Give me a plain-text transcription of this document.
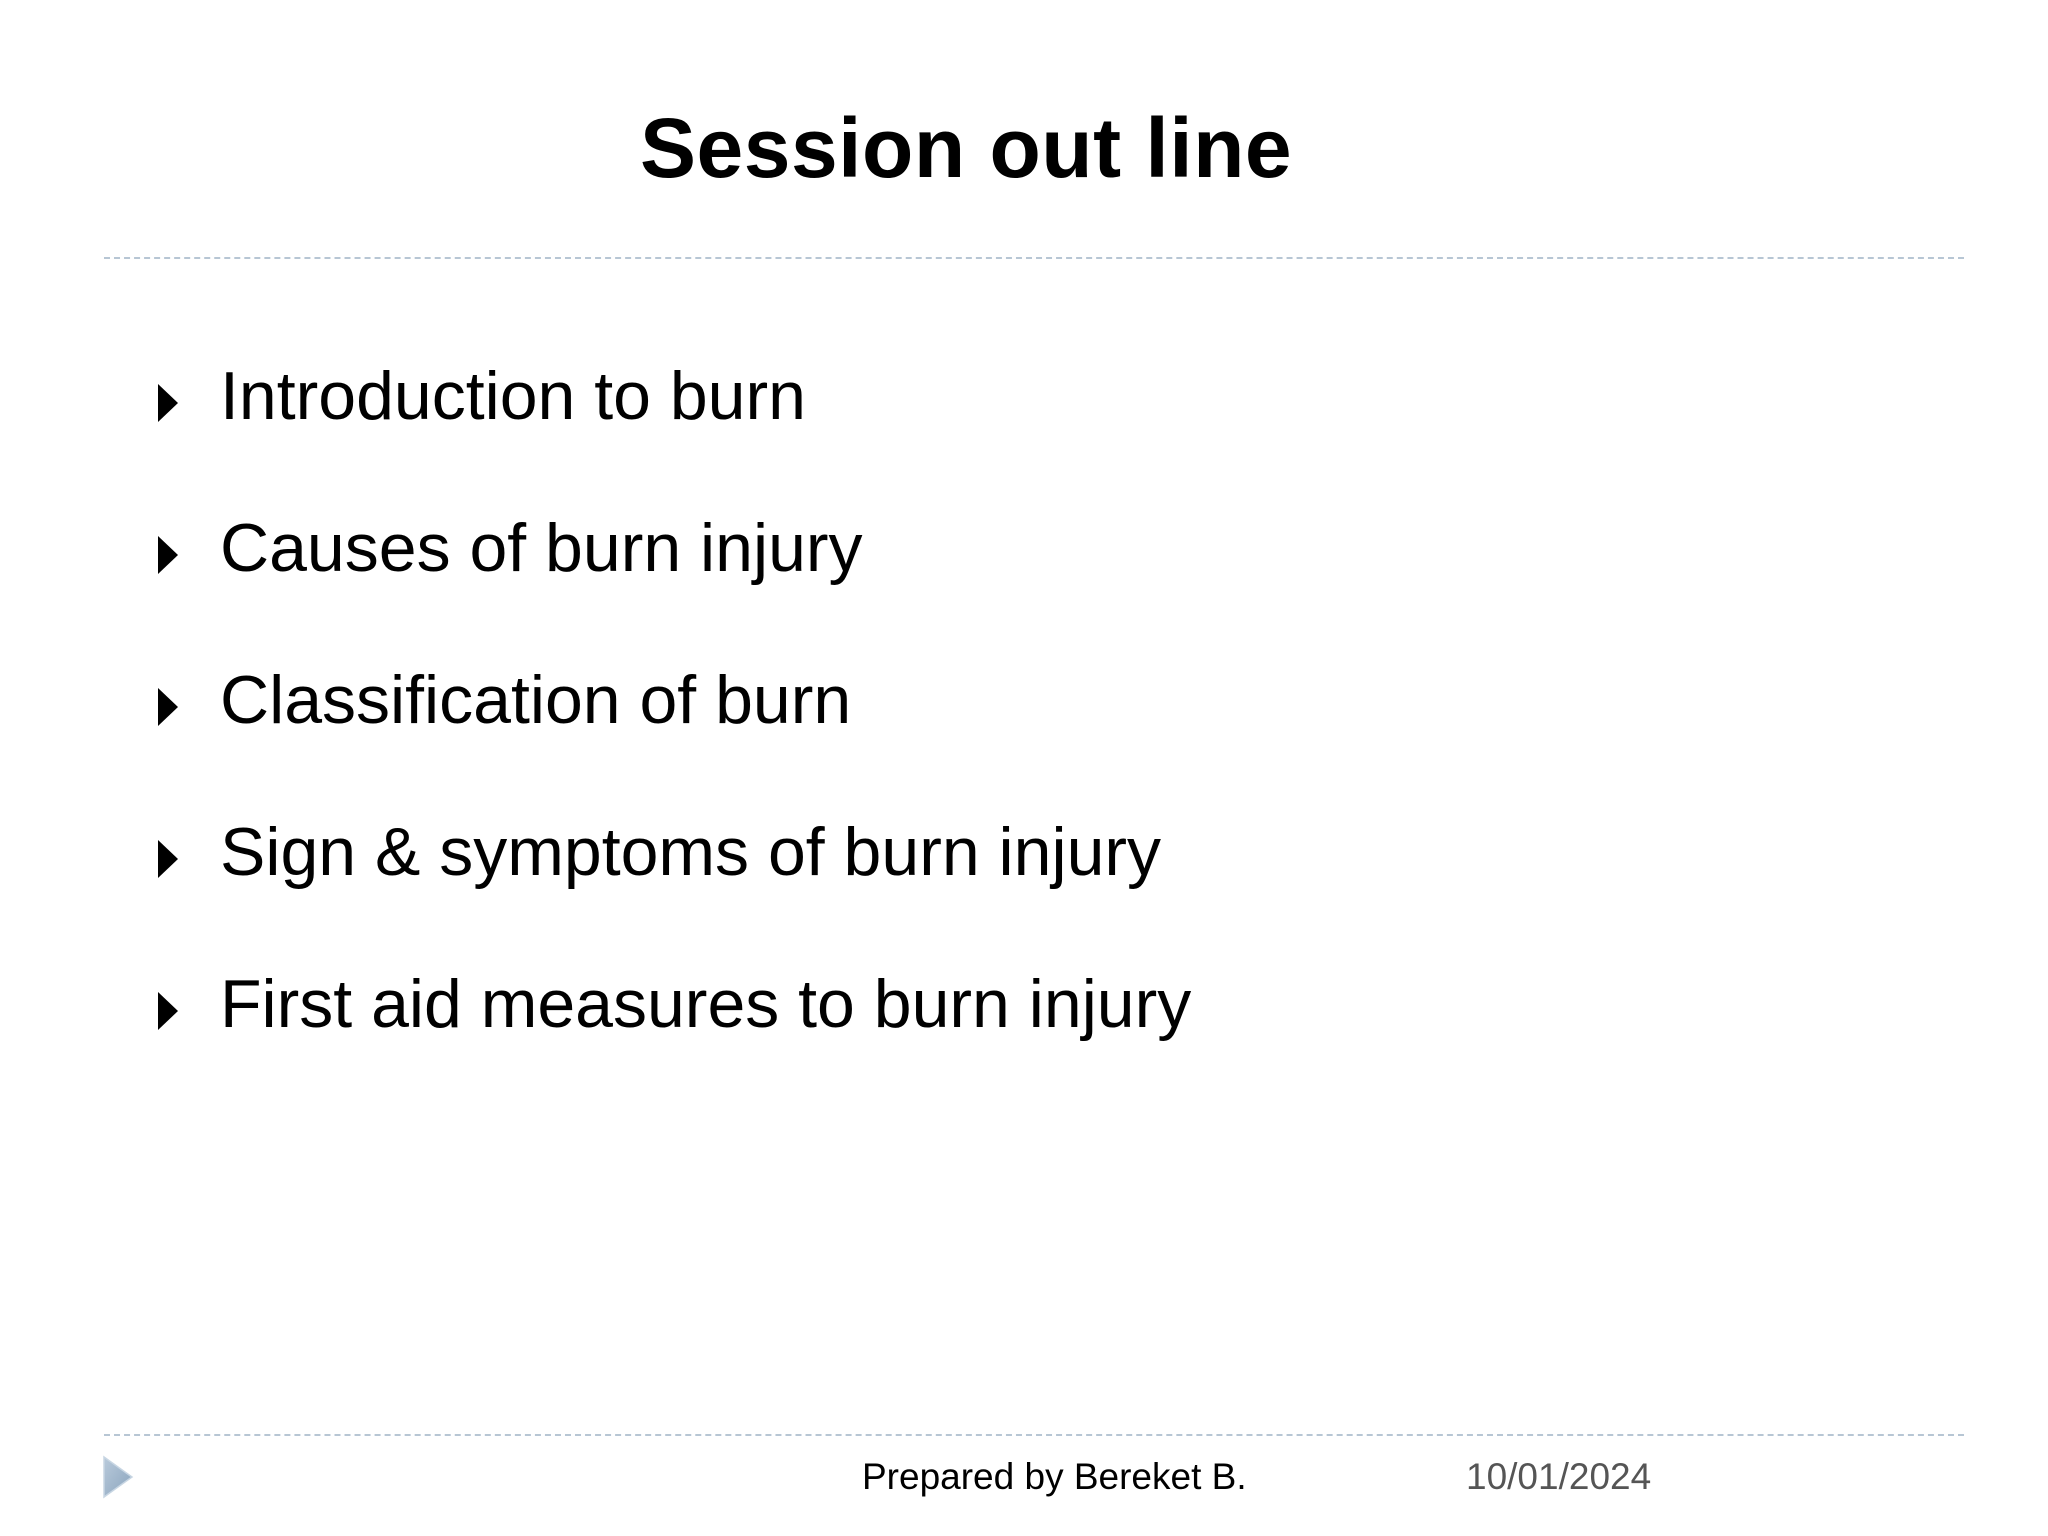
Session out line
Introduction to burn
Causes of burn injury
Classification of burn
Sign & symptoms of burn injury
First aid measures to burn injury
Prepared by Bereket B.	10/01/2024
